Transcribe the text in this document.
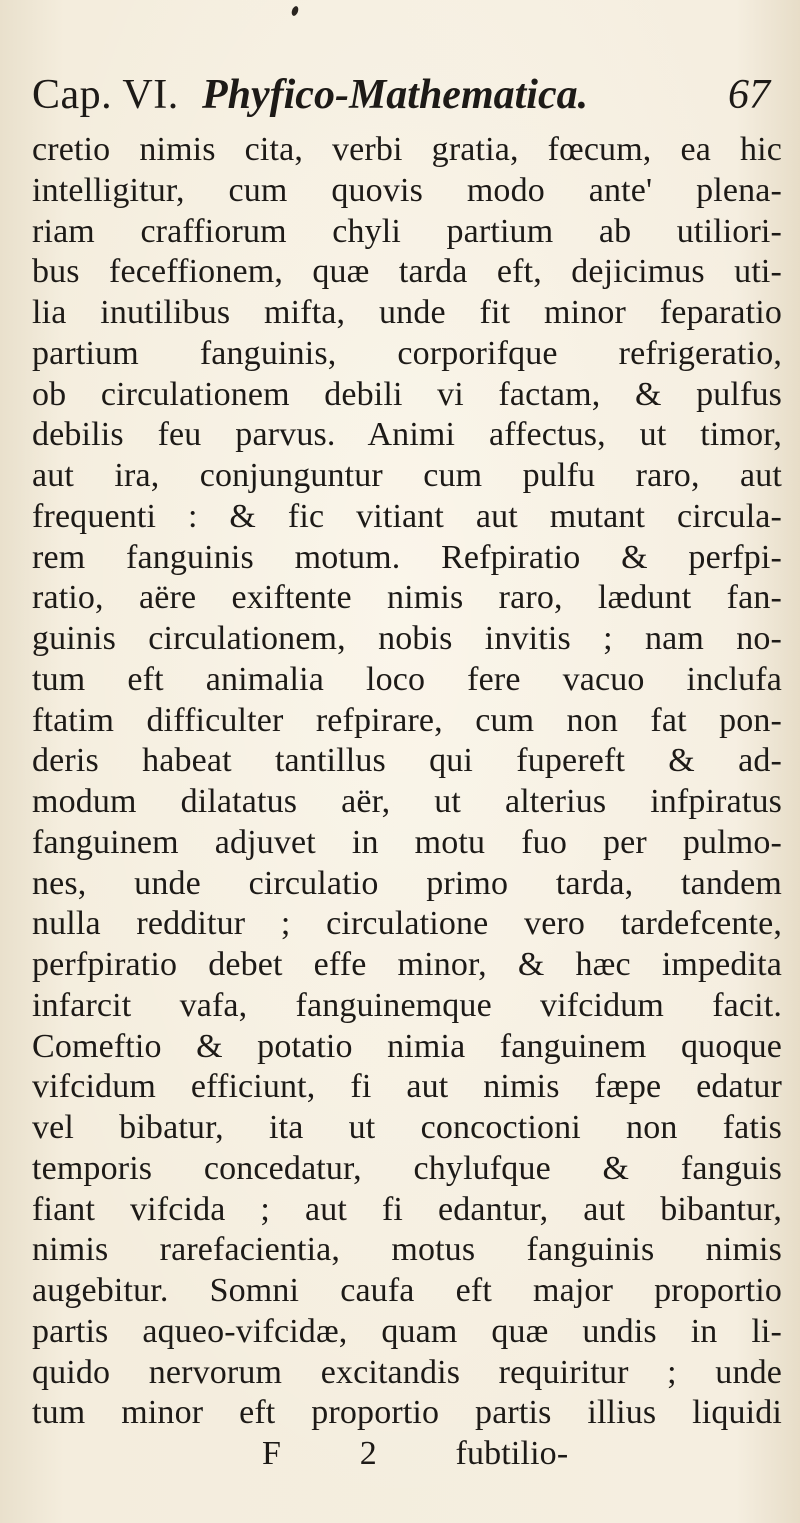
Cap. VI. Phyfico-Mathematica.	67
cretio nimis cita, verbi gratia, fœcum, ea hic
intelligitur, cum quovis modo ante' plena-
riam craffiorum chyli partium ab utiliori-
bus feceffionem, quæ tarda eft, dejicimus uti-
lia inutilibus mifta, unde fit minor feparatio
partium fanguinis, corporifque refrigeratio,
ob circulationem debili vi factam, & pulfus
debilis feu parvus. Animi affectus, ut timor,
aut ira, conjunguntur cum pulfu raro, aut
frequenti : & fic vitiant aut mutant circula-
rem fanguinis motum. Refpiratio & perfpi-
ratio, aëre exiftente nimis raro, lædunt fan-
guinis circulationem, nobis invitis ; nam no-
tum eft animalia loco fere vacuo inclufa
ftatim difficulter refpirare, cum non fat pon-
deris habeat tantillus qui fupereft & ad-
modum dilatatus aër, ut alterius infpiratus
fanguinem adjuvet in motu fuo per pulmo-
nes, unde circulatio primo tarda, tandem
nulla redditur ; circulatione vero tardefcente,
perfpiratio debet effe minor, & hæc impedita
infarcit vafa, fanguinemque vifcidum facit.
Comeftio & potatio nimia fanguinem quoque
vifcidum efficiunt, fi aut nimis fæpe edatur
vel bibatur, ita ut concoctioni non fatis
temporis concedatur, chylufque & fanguis
fiant vifcida ; aut fi edantur, aut bibantur,
nimis rarefacientia, motus fanguinis nimis
augebitur. Somni caufa eft major proportio
partis aqueo-vifcidæ, quam quæ undis in li-
quido nervorum excitandis requiritur ; unde
tum minor eft proportio partis illius liquidi
F 2 fubtilio-
